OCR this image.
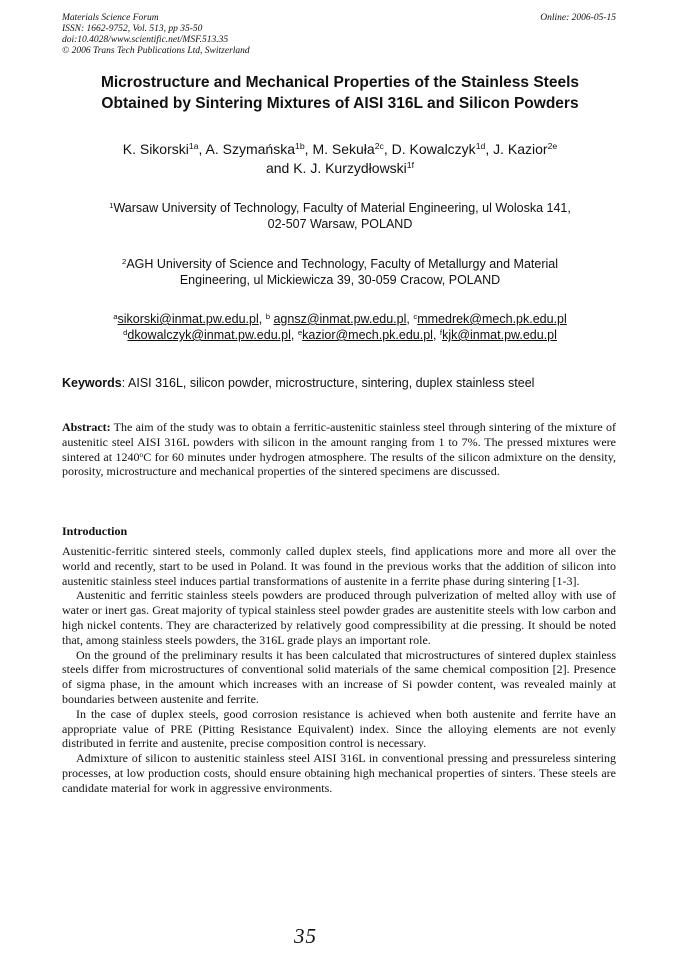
Materials Science Forum
ISSN: 1662-9752, Vol. 513, pp 35-50
doi:10.4028/www.scientific.net/MSF.513.35
© 2006 Trans Tech Publications Ltd, Switzerland
Online: 2006-05-15
Microstructure and Mechanical Properties of the Stainless Steels
Obtained by Sintering Mixtures of AISI 316L and Silicon Powders
K. Sikorski$^{1a}$, A. Szymańska$^{1b}$, M. Sekuła$^{2c}$, D. Kowalczyk$^{1d}$, J. Kazior$^{2e}$
and K. J. Kurzydłowski$^{1f}$
$^1$Warsaw University of Technology, Faculty of Material Engineering, ul Woloska 141,
02-507 Warsaw, POLAND
$^2$AGH University of Science and Technology, Faculty of Metallurgy and Material
Engineering, ul Mickiewicza 39, 30-059 Cracow, POLAND
$^a$sikorski@inmat.pw.edu.pl, $^b$ agnsz@inmat.pw.edu.pl, $^c$mmedrek@mech.pk.edu.pl
$^d$dkowalczyk@inmat.pw.edu.pl, $^e$kazior@mech.pk.edu.pl, $^f$kjk@inmat.pw.edu.pl
Keywords: AISI 316L, silicon powder, microstructure, sintering, duplex stainless steel
Abstract: The aim of the study was to obtain a ferritic-austenitic stainless steel through sintering of the mixture of austenitic steel AISI 316L powders with silicon in the amount ranging from 1 to 7%. The pressed mixtures were sintered at 1240$^o$C for 60 minutes under hydrogen atmosphere. The results of the silicon admixture on the density, porosity, microstructure and mechanical properties of the sintered specimens are discussed.
Introduction

Austenitic-ferritic sintered steels, commonly called duplex steels, find applications more and more all over the world and recently, start to be used in Poland. It was found in the previous works that the addition of silicon into austenitic stainless steel induces partial transformations of austenite in a ferrite phase during sintering [1-3].

Austenitic and ferritic stainless steels powders are produced through pulverization of melted alloy with use of water or inert gas. Great majority of typical stainless steel powder grades are austenitite steels with low carbon and high nickel contents. They are characterized by relatively good compressibility at die pressing. It should be noted that, among stainless steels powders, the 316L grade plays an important role.

On the ground of the preliminary results it has been calculated that microstructures of sintered duplex stainless steels differ from microstructures of conventional solid materials of the same chemical composition [2]. Presence of sigma phase, in the amount which increases with an increase of Si powder content, was revealed mainly at boundaries between austenite and ferrite.

In the case of duplex steels, good corrosion resistance is achieved when both austenite and ferrite have an appropriate value of PRE (Pitting Resistance Equivalent) index. Since the alloying elements are not evenly distributed in ferrite and austenite, precise composition control is necessary.

Admixture of silicon to austenitic stainless steel AISI 316L in conventional pressing and pressureless sintering processes, at low production costs, should ensure obtaining high mechanical properties of sinters. These steels are candidate material for work in aggressive environments.

35
